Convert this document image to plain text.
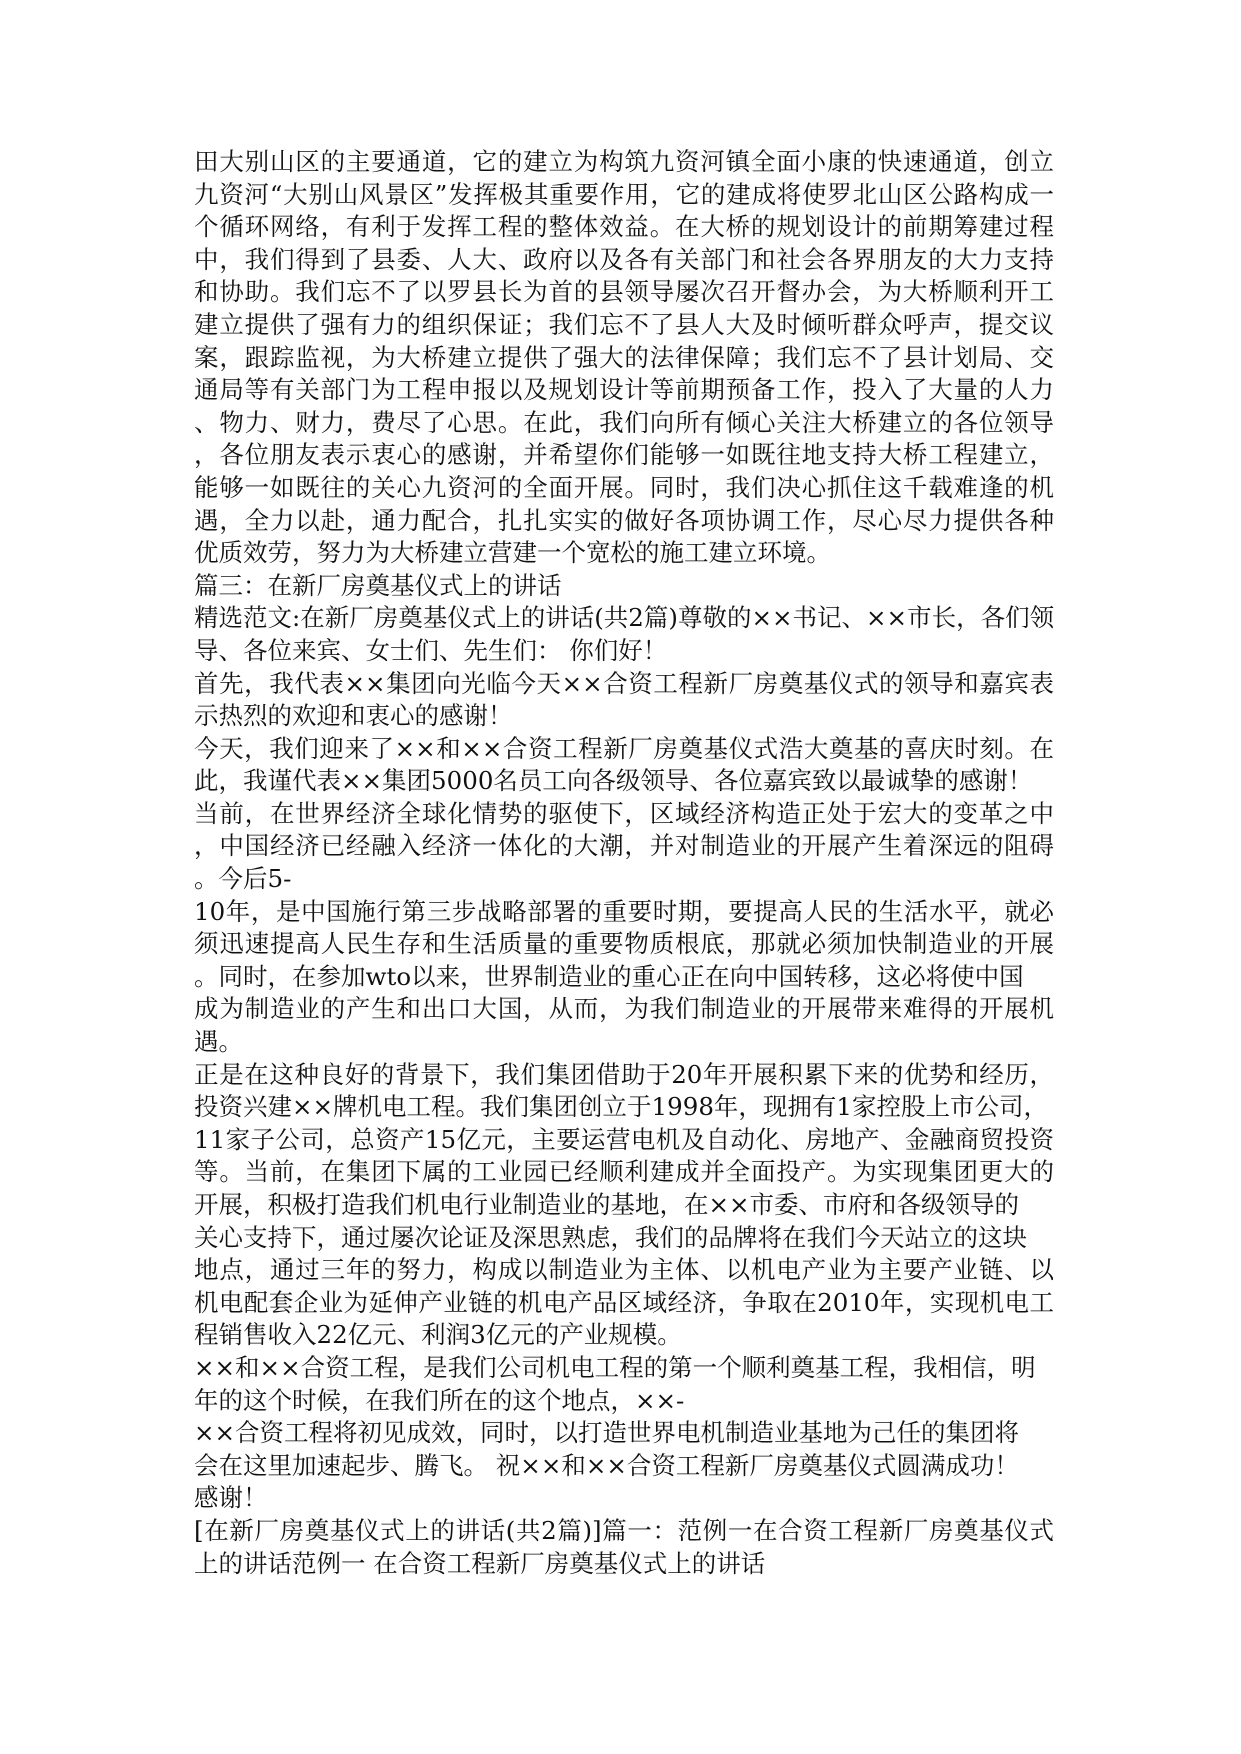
田大别山区的主要通道，它的建立为构筑九资河镇全面小康的快速通道，创立
九资河“大别山风景区”发挥极其重要作用，它的建成将使罗北山区公路构成一
个循环网络，有利于发挥工程的整体效益。在大桥的规划设计的前期筹建过程
中，我们得到了县委、人大、政府以及各有关部门和社会各界朋友的大力支持
和协助。我们忘不了以罗县长为首的县领导屡次召开督办会，为大桥顺利开工
建立提供了强有力的组织保证；我们忘不了县人大及时倾听群众呼声，提交议
案，跟踪监视，为大桥建立提供了强大的法律保障；我们忘不了县计划局、交
通局等有关部门为工程申报以及规划设计等前期预备工作，投入了大量的人力
、物力、财力，费尽了心思。在此，我们向所有倾心关注大桥建立的各位领导
，各位朋友表示衷心的感谢，并希望你们能够一如既往地支持大桥工程建立，
能够一如既往的关心九资河的全面开展。同时，我们决心抓住这千载难逢的机
遇，全力以赴，通力配合，扎扎实实的做好各项协调工作，尽心尽力提供各种
优质效劳，努力为大桥建立营建一个宽松的施工建立环境。
篇三：在新厂房奠基仪式上的讲话
精选范文:在新厂房奠基仪式上的讲话(共2篇)尊敬的××书记、××市长，各们领
导、各位来宾、女士们、先生们： 你们好！
首先，我代表××集团向光临今天××合资工程新厂房奠基仪式的领导和嘉宾表
示热烈的欢迎和衷心的感谢！
今天，我们迎来了××和××合资工程新厂房奠基仪式浩大奠基的喜庆时刻。在
此，我谨代表××集团5000名员工向各级领导、各位嘉宾致以最诚挚的感谢！
当前，在世界经济全球化情势的驱使下，区域经济构造正处于宏大的变革之中
，中国经济已经融入经济一体化的大潮，并对制造业的开展产生着深远的阻碍
。今后5-
10年，是中国施行第三步战略部署的重要时期，要提高人民的生活水平，就必
须迅速提高人民生存和生活质量的重要物质根底，那就必须加快制造业的开展
。同时，在参加wto以来，世界制造业的重心正在向中国转移，这必将使中国
成为制造业的产生和出口大国，从而，为我们制造业的开展带来难得的开展机
遇。
正是在这种良好的背景下，我们集团借助于20年开展积累下来的优势和经历，
投资兴建××牌机电工程。我们集团创立于1998年，现拥有1家控股上市公司，
11家子公司，总资产15亿元，主要运营电机及自动化、房地产、金融商贸投资
等。当前，在集团下属的工业园已经顺利建成并全面投产。为实现集团更大的
开展，积极打造我们机电行业制造业的基地，在××市委、市府和各级领导的
关心支持下，通过屡次论证及深思熟虑，我们的品牌将在我们今天站立的这块
地点，通过三年的努力，构成以制造业为主体、以机电产业为主要产业链、以
机电配套企业为延伸产业链的机电产品区域经济，争取在2010年，实现机电工
程销售收入22亿元、利润3亿元的产业规模。
××和××合资工程，是我们公司机电工程的第一个顺利奠基工程，我相信，明
年的这个时候，在我们所在的这个地点，××-
××合资工程将初见成效，同时，以打造世界电机制造业基地为己任的集团将
会在这里加速起步、腾飞。 祝××和××合资工程新厂房奠基仪式圆满成功！
感谢！
[在新厂房奠基仪式上的讲话(共2篇)]篇一：范例一在合资工程新厂房奠基仪式
上的讲话范例一 在合资工程新厂房奠基仪式上的讲话
